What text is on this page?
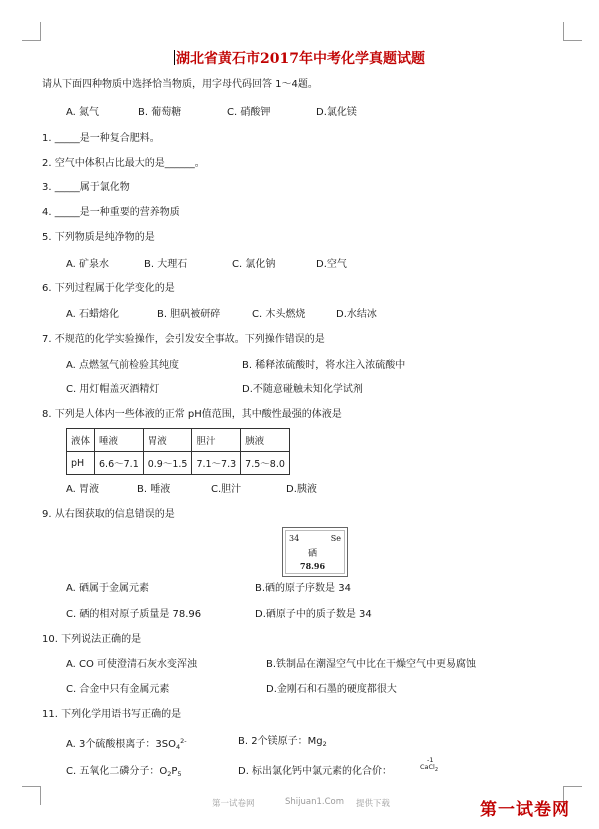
湖北省黄石市2017年中考化学真题试题
请从下面四种物质中选择恰当物质，用字母代码回答 1～4题。
A. 氮气	B. 葡萄糖	C. 硝酸钾	D.氯化镁
1. _____是一种复合肥料。
2. 空气中体积占比最大的是______。
3. _____属于氯化物
4. _____是一种重要的营养物质
5. 下列物质是纯净物的是
A. 矿泉水	B. 大理石	C. 氯化钠	D.空气
6. 下列过程属于化学变化的是
A. 石蜡熔化	B. 胆矾被研碎	C. 木头燃烧	D.水结冰
7. 不规范的化学实验操作，会引发安全事故。下列操作错误的是
A. 点燃氢气前检验其纯度	B. 稀释浓硫酸时，将水注入浓硫酸中
C. 用灯帽盖灭酒精灯	D.不随意碰触未知化学试剂
8. 下列是人体内一些体液的正常 pH值范围，其中酸性最强的体液是
液体	唾液	胃液	胆汁	胰液
pH	6.6～7.1	0.9～1.5	7.1～7.3	7.5～8.0
A. 胃液	B. 唾液	C.胆汁	D.胰液
9. 从右图获取的信息错误的是
34	Se
硒
78.96
A. 硒属于金属元素	B.硒的原子序数是 34
C. 硒的相对原子质量是 78.96	D.硒原子中的质子数是 34
10. 下列说法正确的是
A. CO 可使澄清石灰水变浑浊	B.铁制品在潮湿空气中比在干燥空气中更易腐蚀
C. 合金中只有金属元素	D.金刚石和石墨的硬度都很大
11. 下列化学用语书写正确的是
A. 3个硫酸根离子：$3SO_4^{2-}$	B. 2个镁原子：$Mg_2$
C. 五氧化二磷分子：$O_2P_5$	D. 标出氯化钙中氯元素的化合价：
-1
CaCl$_2$
第一试卷网	Shijuan1.Com 提供下载	第一试卷网
